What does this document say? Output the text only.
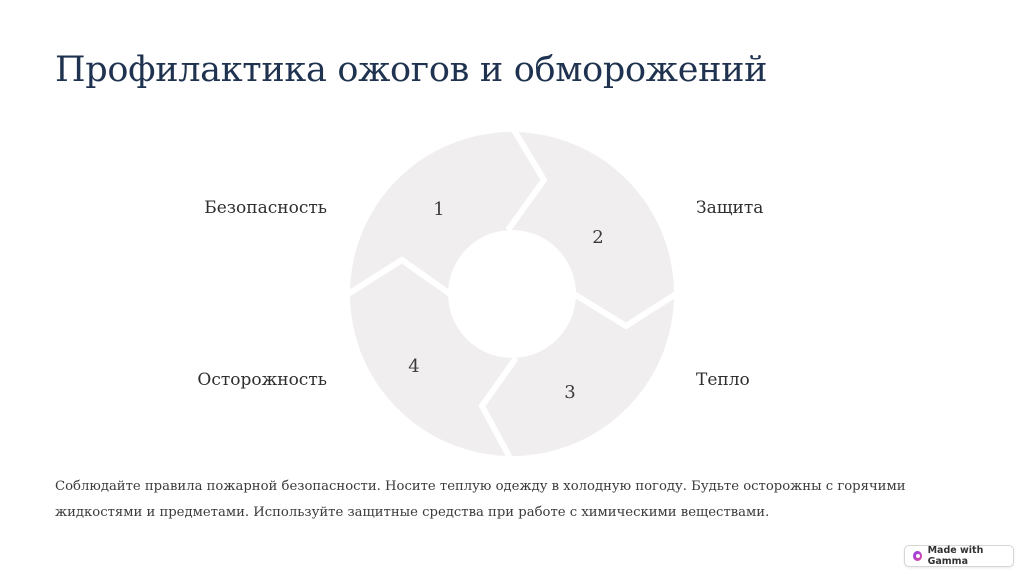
Профилактика ожогов и обморожений
1
2
3
4
Безопасность	Защита
Тепло
Осторожность

Соблюдайте правила пожарной безопасности. Носите теплую одежду в холодную погоду. Будьте осторожны с горячими жидкостями и предметами. Используйте защитные средства при работе с химическими веществами.

Made with Gamma
